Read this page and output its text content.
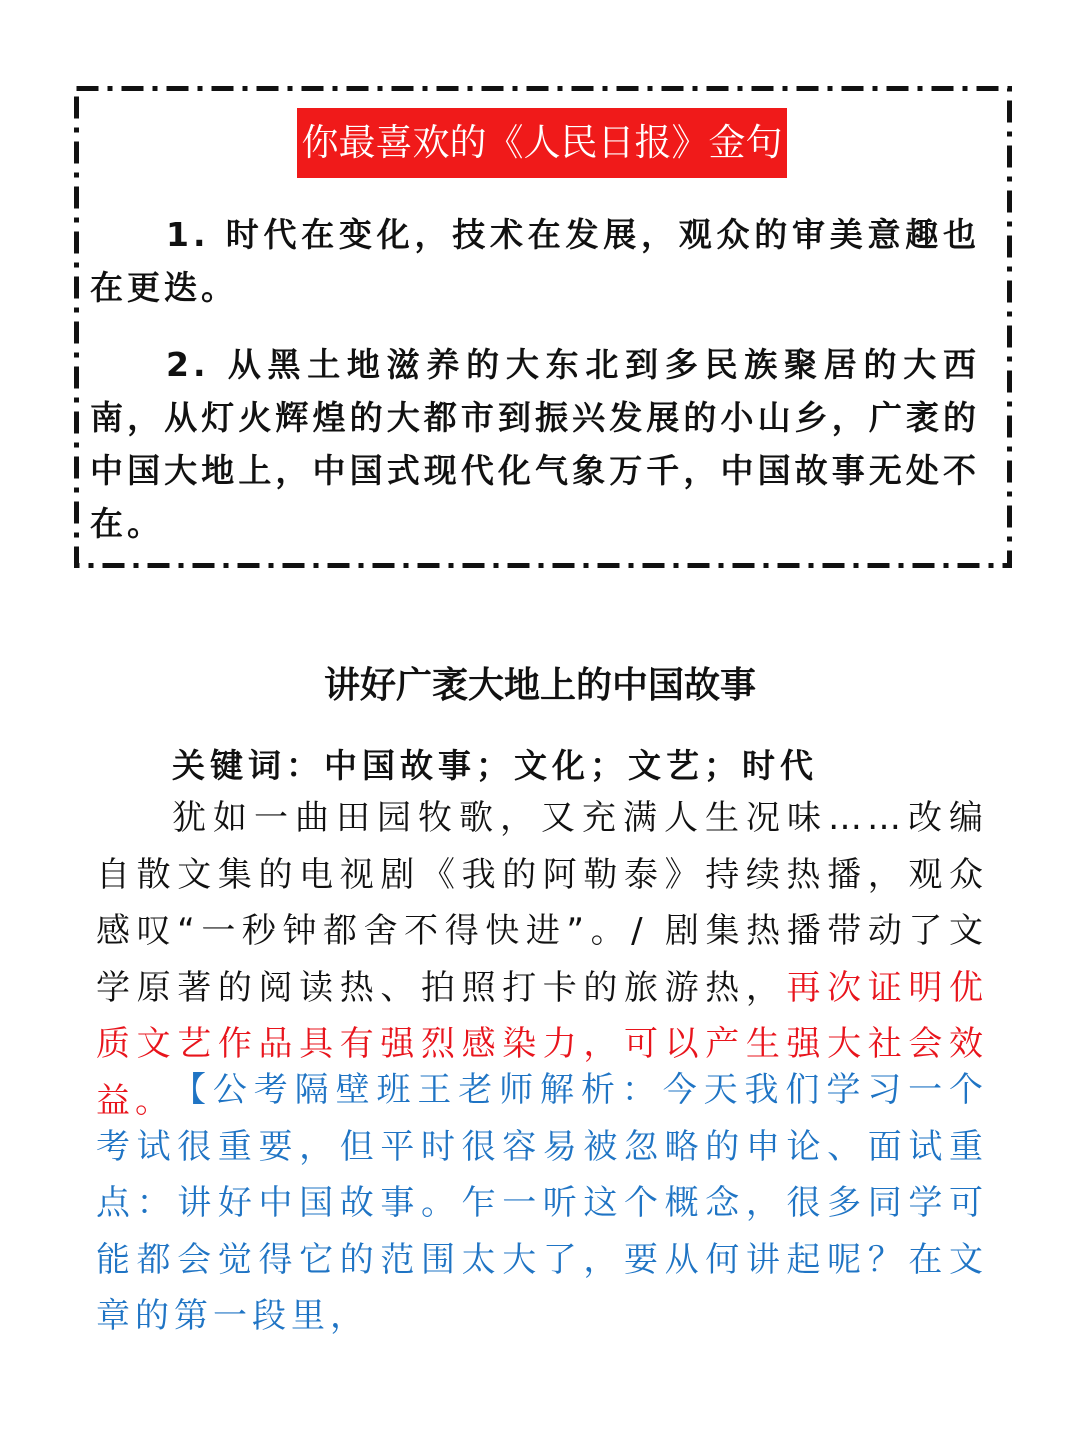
你最喜欢的《人民日报》金句

1. 时代在变化，技术在发展，观众的审美意趣也在更迭。

2. 从黑土地滋养的大东北到多民族聚居的大西南，从灯火辉煌的大都市到振兴发展的小山乡，广袤的中国大地上，中国式现代化气象万千，中国故事无处不在。

讲好广袤大地上的中国故事

关键词：中国故事；文化；文艺；时代

犹如一曲田园牧歌，又充满人生况味……改编自散文集的电视剧《我的阿勒泰》持续热播，观众感叹“一秒钟都舍不得快进”。/ 剧集热播带动了文学原著的阅读热、拍照打卡的旅游热，再次证明优质文艺作品具有强烈感染力，可以产生强大社会效益。

【公考隔壁班王老师解析：今天我们学习一个考试很重要，但平时很容易被忽略的申论、面试重点：讲好中国故事。乍一听这个概念，很多同学可能都会觉得它的范围太大了，要从何讲起呢？在文章的第一段里，
